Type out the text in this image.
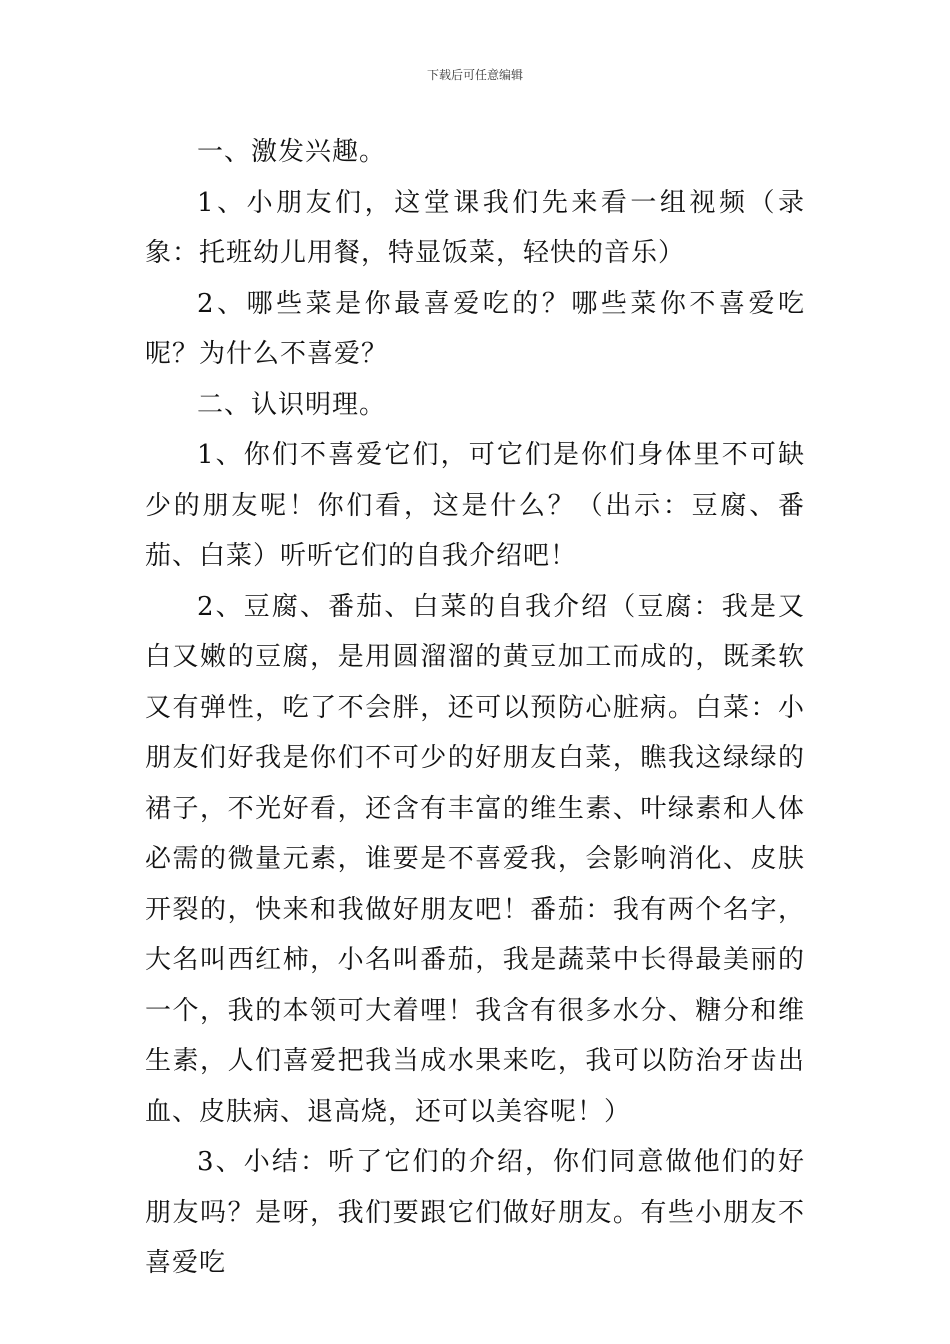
下载后可任意编辑

一、激发兴趣。

1、小朋友们，这堂课我们先来看一组视频（录象：托班幼儿用餐，特显饭菜，轻快的音乐）

2、哪些菜是你最喜爱吃的？哪些菜你不喜爱吃呢？为什么不喜爱？

二、认识明理。

1、你们不喜爱它们，可它们是你们身体里不可缺少的朋友呢！你们看，这是什么？（出示：豆腐、番茄、白菜）听听它们的自我介绍吧！

2、豆腐、番茄、白菜的自我介绍（豆腐：我是又白又嫩的豆腐，是用圆溜溜的黄豆加工而成的，既柔软又有弹性，吃了不会胖，还可以预防心脏病。白菜：小朋友们好我是你们不可少的好朋友白菜，瞧我这绿绿的裙子，不光好看，还含有丰富的维生素、叶绿素和人体必需的微量元素，谁要是不喜爱我，会影响消化、皮肤开裂的，快来和我做好朋友吧！番茄：我有两个名字，大名叫西红柿，小名叫番茄，我是蔬菜中长得最美丽的一个，我的本领可大着哩！我含有很多水分、糖分和维生素，人们喜爱把我当成水果来吃，我可以防治牙齿出血、皮肤病、退高烧，还可以美容呢！）

3、小结：听了它们的介绍，你们同意做他们的好朋友吗？是呀，我们要跟它们做好朋友。有些小朋友不喜爱吃
